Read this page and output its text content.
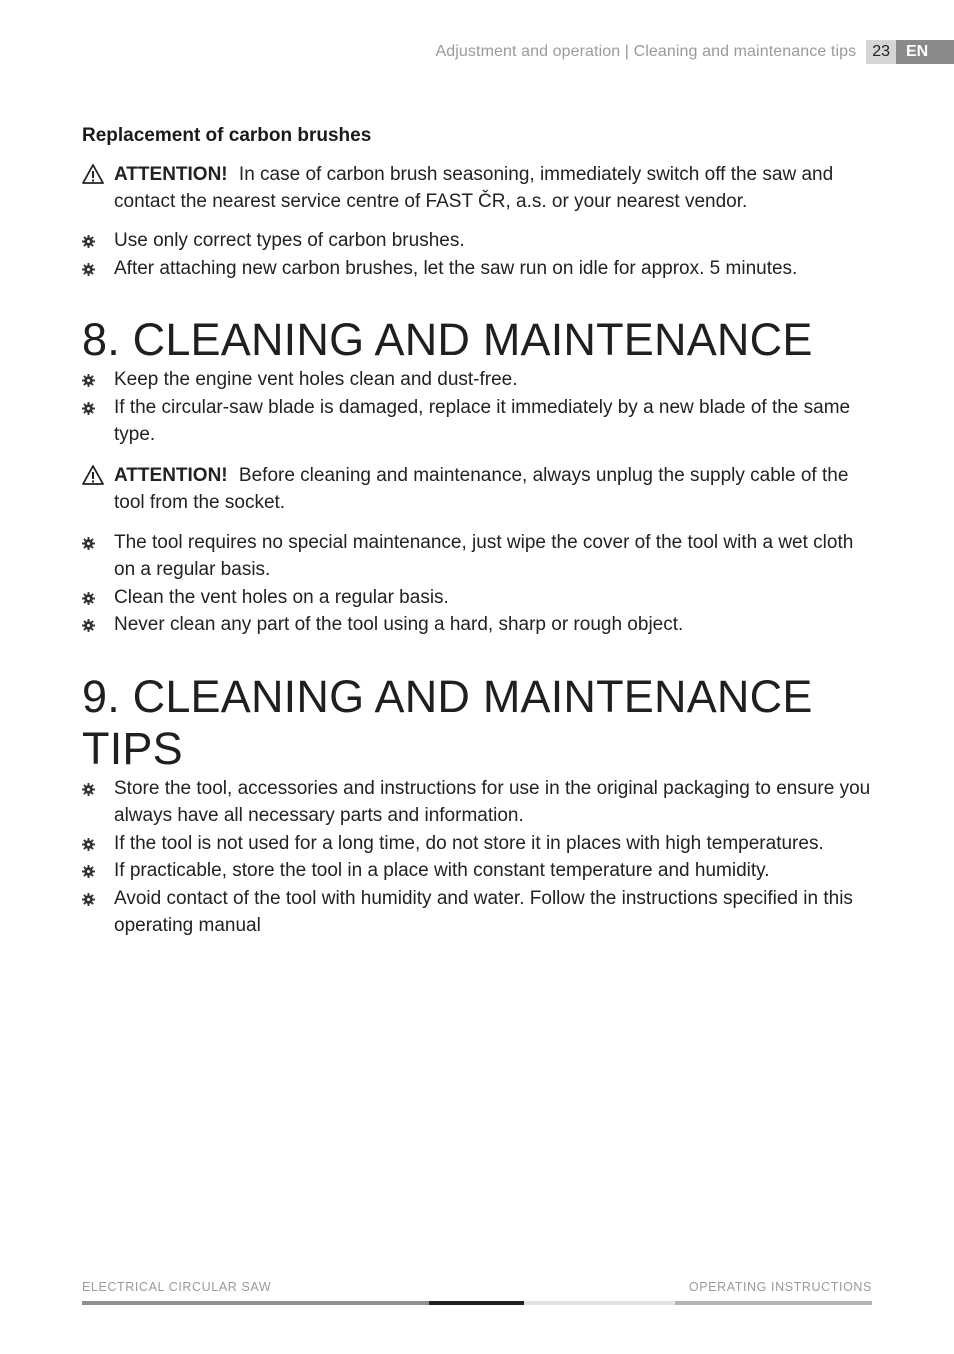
Adjustment and operation | Cleaning and maintenance tips	23	EN
Replacement of carbon brushes

ATTENTION! In case of carbon brush seasoning, immediately switch off the saw and contact the nearest service centre of FAST ČR, a.s. or your nearest vendor.

Use only correct types of carbon brushes.
After attaching new carbon brushes, let the saw run on idle for approx. 5 minutes.
8. CLEANING AND MAINTENANCE
Keep the engine vent holes clean and dust-free.
If the circular-saw blade is damaged, replace it immediately by a new blade of the same type.

ATTENTION! Before cleaning and maintenance, always unplug the supply cable of the tool from the socket.

The tool requires no special maintenance, just wipe the cover of the tool with a wet cloth on a regular basis.
Clean the vent holes on a regular basis.
Never clean any part of the tool using a hard, sharp or rough object.
9. CLEANING AND MAINTENANCE TIPS
Store the tool, accessories and instructions for use in the original packaging to ensure you always have all necessary parts and information.
If the tool is not used for a long time, do not store it in places with high temperatures.
If practicable, store the tool in a place with constant temperature and humidity.
Avoid contact of the tool with humidity and water. Follow the instructions specified in this operating manual
ELECTRICAL CIRCULAR SAW	OPERATING INSTRUCTIONS
